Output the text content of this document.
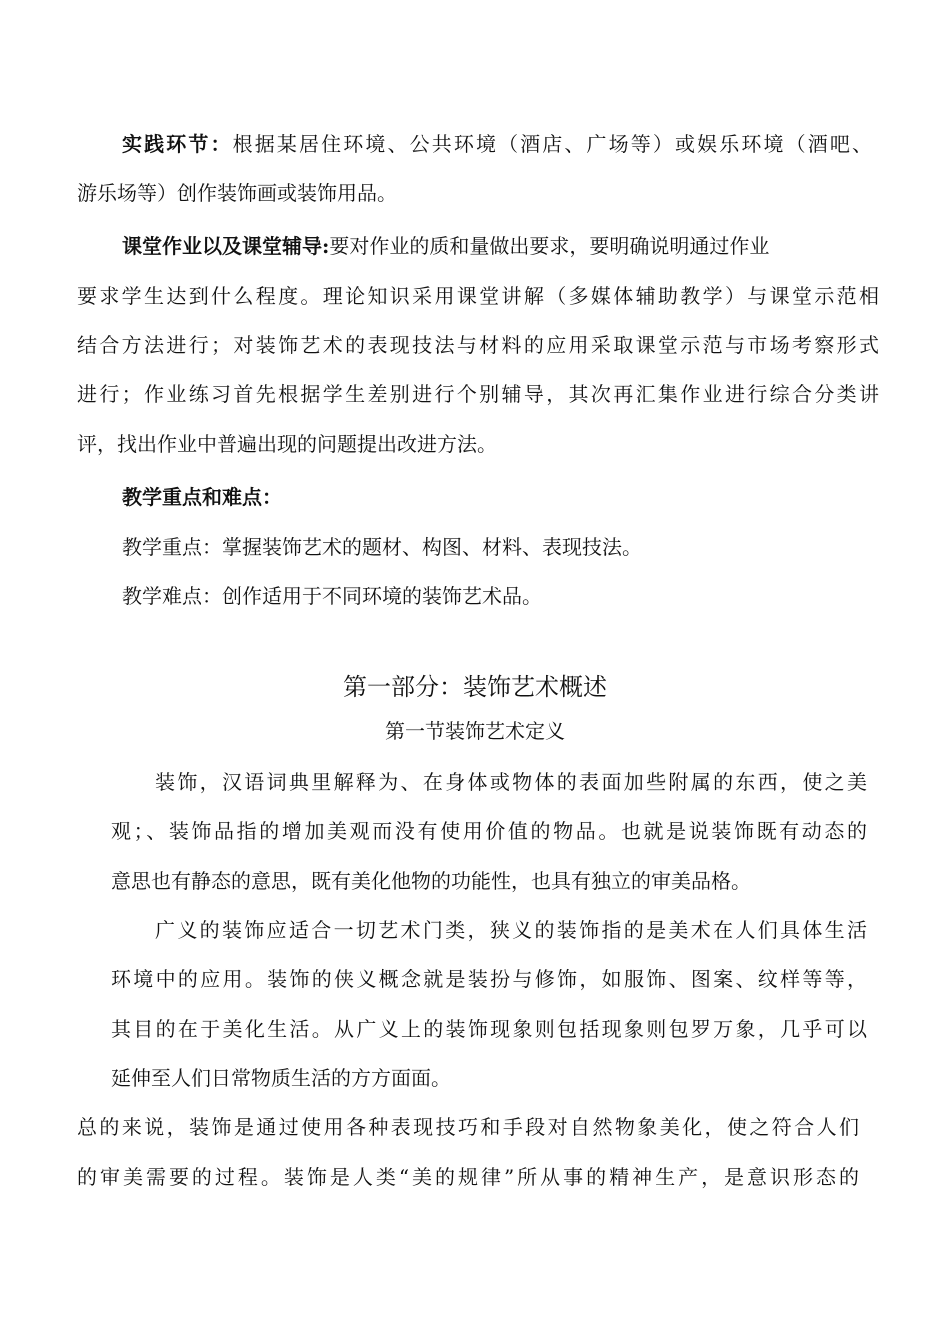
实践环节：根据某居住环境、公共环境（酒店、广场等）或娱乐环境（酒吧、
游乐场等）创作装饰画或装饰用品。
课堂作业以及课堂辅导:要对作业的质和量做出要求，要明确说明通过作业
要求学生达到什么程度。理论知识采用课堂讲解（多媒体辅助教学）与课堂示范相
结合方法进行；对装饰艺术的表现技法与材料的应用采取课堂示范与市场考察形式
进行；作业练习首先根据学生差别进行个别辅导，其次再汇集作业进行综合分类讲
评，找出作业中普遍出现的问题提出改进方法。
教学重点和难点：
教学重点：掌握装饰艺术的题材、构图、材料、表现技法。
教学难点：创作适用于不同环境的装饰艺术品。
第一部分：装饰艺术概述
第一节装饰艺术定义
装饰，汉语词典里解释为、在身体或物体的表面加些附属的东西，使之美
观；、装饰品指的增加美观而没有使用价值的物品。也就是说装饰既有动态的
意思也有静态的意思，既有美化他物的功能性，也具有独立的审美品格。
广义的装饰应适合一切艺术门类，狭义的装饰指的是美术在人们具体生活
环境中的应用。装饰的侠义概念就是装扮与修饰，如服饰、图案、纹样等等，
其目的在于美化生活。从广义上的装饰现象则包括现象则包罗万象，几乎可以
延伸至人们日常物质生活的方方面面。
总的来说，装饰是通过使用各种表现技巧和手段对自然物象美化，使之符合人们
的审美需要的过程。装饰是人类“美的规律”所从事的精神生产，是意识形态的
